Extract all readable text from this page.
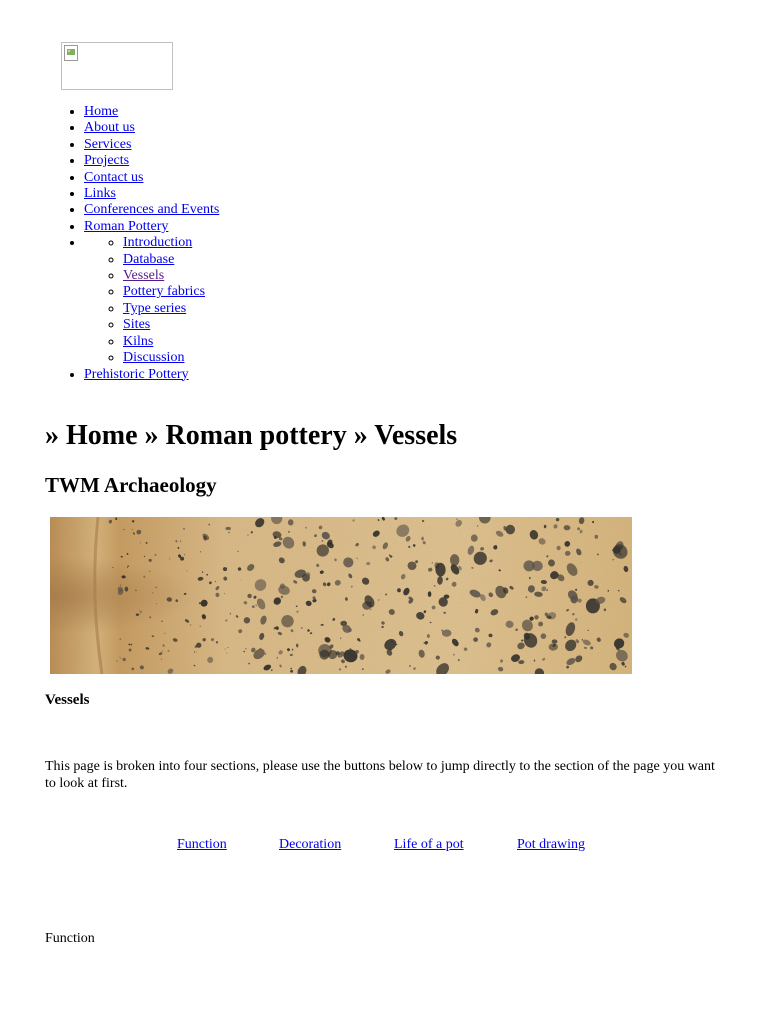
• Home
• About us
• Services
• Projects
• Contact us
• Links
• Conferences and Events
• Roman Pottery
◦ • Introduction
◦ Database
◦ Vessels
◦ Pottery fabrics
◦ Type series
◦ Sites
◦ Kilns
◦ Discussion
• Prehistoric Pottery
» Home » Roman pottery » Vessels
TWM Archaeology
Vessels

This page is broken into four sections, please use the buttons below to jump directly to the section of the page you want to look at first.

Function	Decoration	Life of a pot	Pot drawing
Function
